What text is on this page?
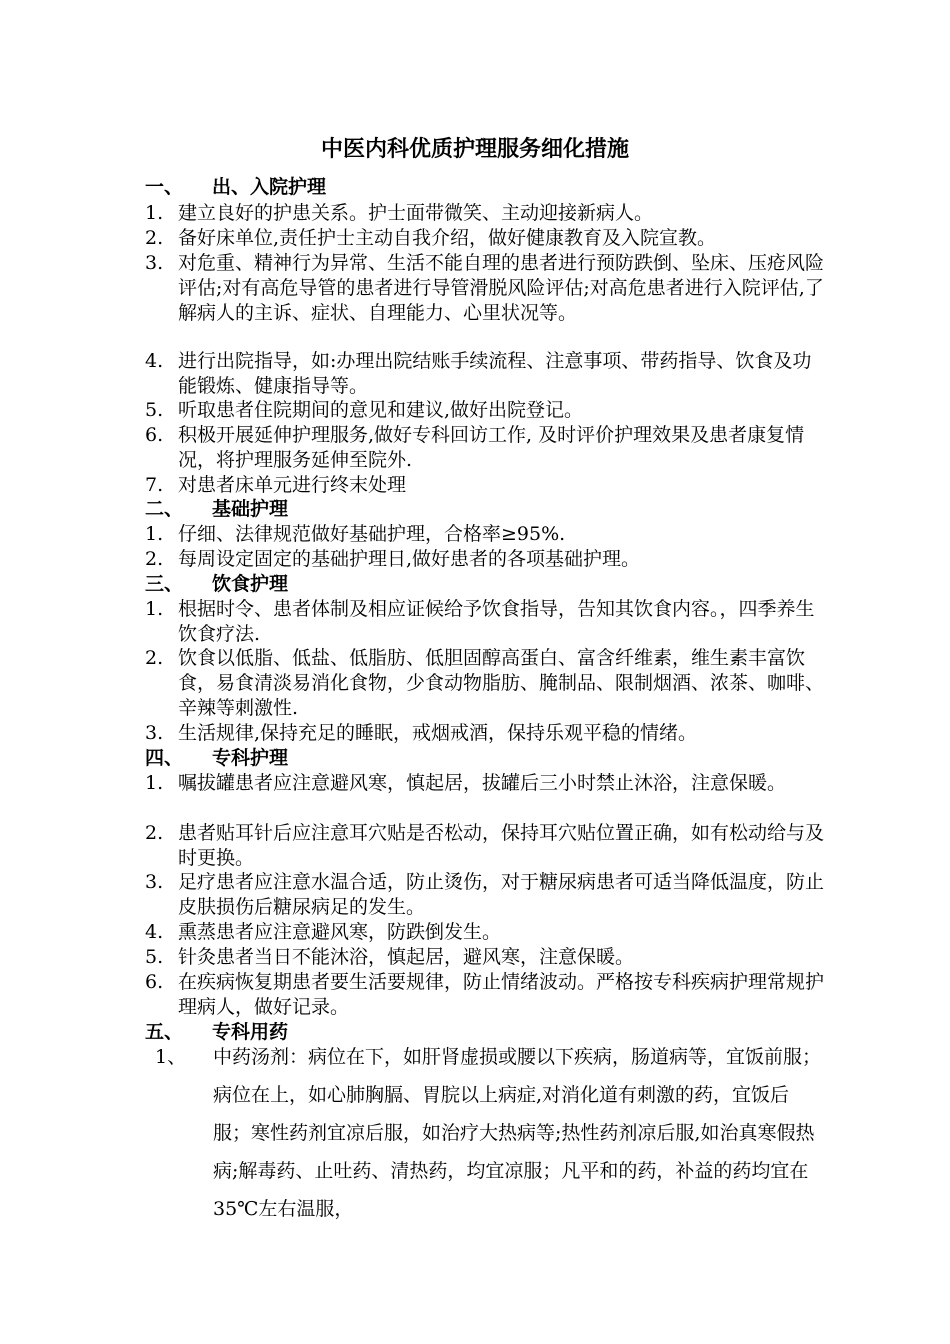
中医内科优质护理服务细化措施
一、 出、入院护理
1. 建立良好的护患关系。护士面带微笑、主动迎接新病人。
2. 备好床单位,责任护士主动自我介绍，做好健康教育及入院宣教。
3. 对危重、精神行为异常、生活不能自理的患者进行预防跌倒、坠床、压疮风险评估;对有高危导管的患者进行导管滑脱风险评估;对高危患者进行入院评估,了解病人的主诉、症状、自理能力、心里状况等。
4. 进行出院指导，如:办理出院结账手续流程、注意事项、带药指导、饮食及功能锻炼、健康指导等。
5. 听取患者住院期间的意见和建议,做好出院登记。
6. 积极开展延伸护理服务,做好专科回访工作, 及时评价护理效果及患者康复情况，将护理服务延伸至院外.
7. 对患者床单元进行终末处理
二、 基础护理
1. 仔细、法律规范做好基础护理，合格率≥95%.
2. 每周设定固定的基础护理日,做好患者的各项基础护理。
三、 饮食护理
1. 根据时令、患者体制及相应证候给予饮食指导，告知其饮食内容。，四季养生饮食疗法.
2. 饮食以低脂、低盐、低脂肪、低胆固醇高蛋白、富含纤维素，维生素丰富饮食，易食清淡易消化食物，少食动物脂肪、腌制品、限制烟酒、浓茶、咖啡、辛辣等刺激性.
3. 生活规律,保持充足的睡眠，戒烟戒酒，保持乐观平稳的情绪。
四、 专科护理
1. 嘱拔罐患者应注意避风寒，慎起居，拔罐后三小时禁止沐浴，注意保暖。
2. 患者贴耳针后应注意耳穴贴是否松动，保持耳穴贴位置正确，如有松动给与及时更换。
3. 足疗患者应注意水温合适，防止烫伤，对于糖尿病患者可适当降低温度，防止皮肤损伤后糖尿病足的发生。
4. 熏蒸患者应注意避风寒，防跌倒发生。
5. 针灸患者当日不能沐浴，慎起居，避风寒，注意保暖。
6. 在疾病恢复期患者要生活要规律，防止情绪波动。严格按专科疾病护理常规护理病人，做好记录。
五、 专科用药
1、	中药汤剂：病位在下，如肝肾虚损或腰以下疾病，肠道病等，宜饭前服；病位在上，如心肺胸膈、胃脘以上病症,对消化道有刺激的药，宜饭后服；寒性药剂宜凉后服，如治疗大热病等;热性药剂凉后服,如治真寒假热病;解毒药、止吐药、清热药，均宜凉服；凡平和的药，补益的药均宜在35℃左右温服，
